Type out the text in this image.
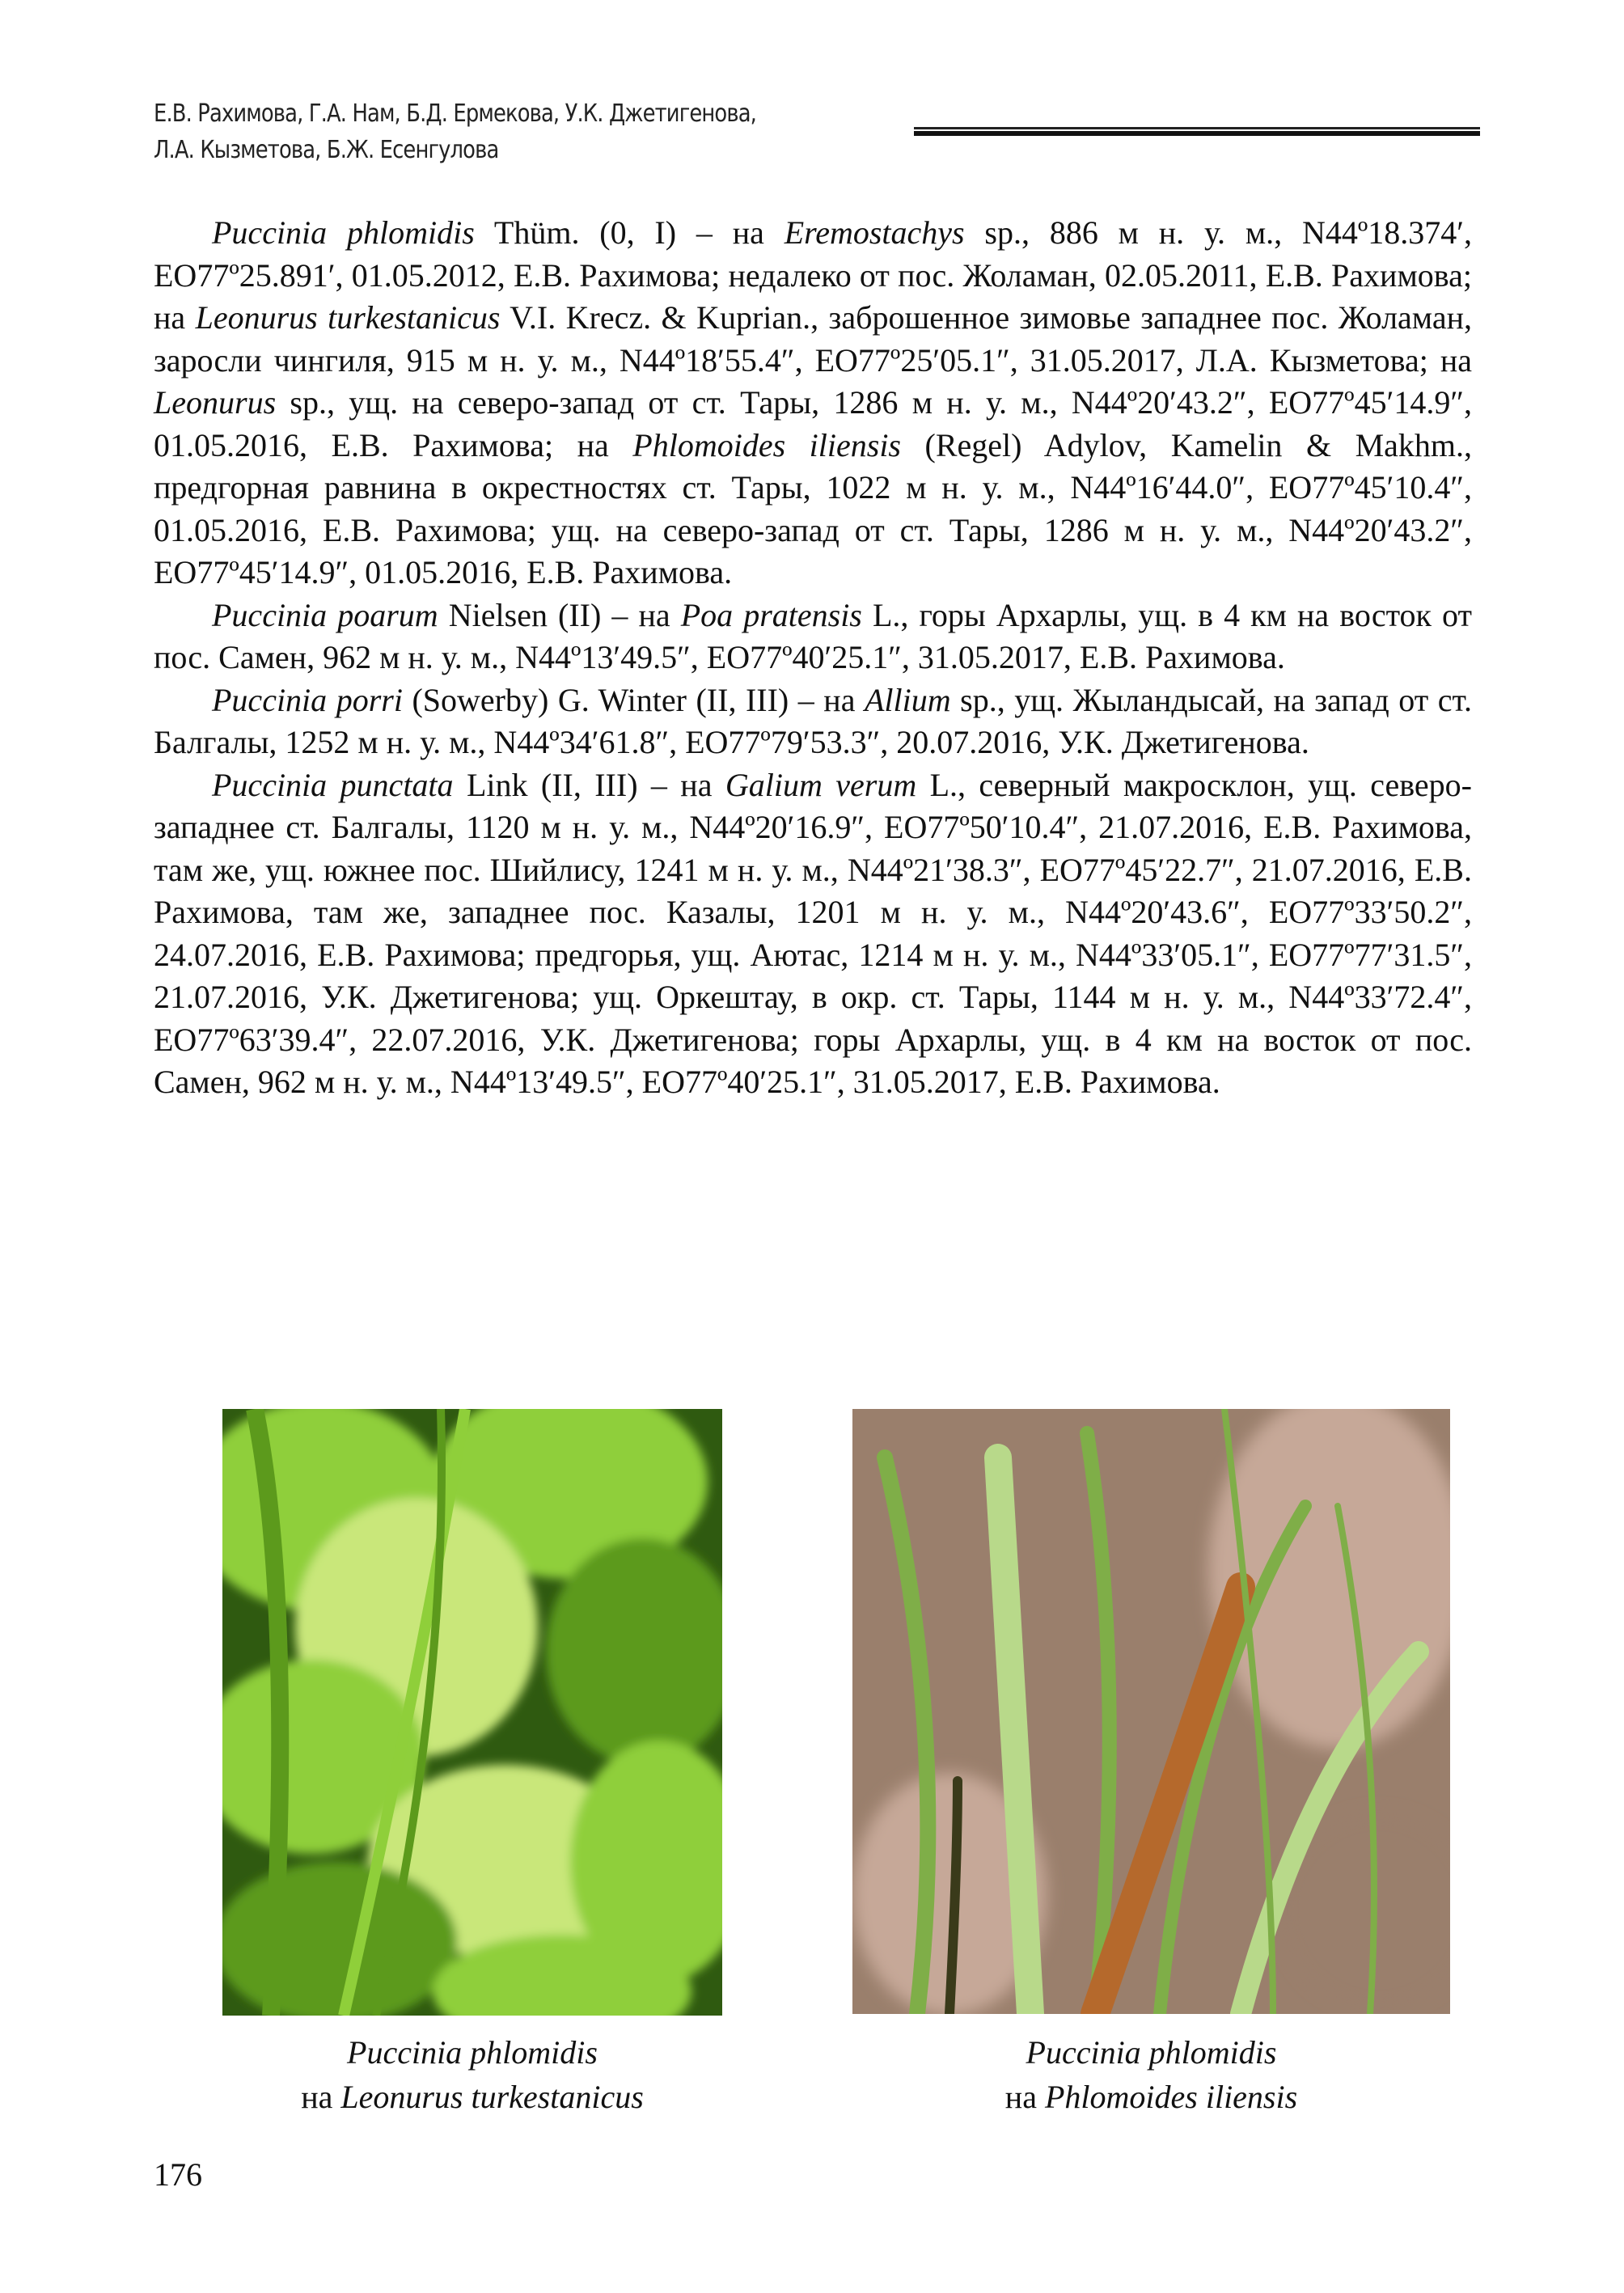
Е.В. Рахимова, Г.А. Нам, Б.Д. Ермекова, У.К. Джетигенова,
Л.А. Кызметова, Б.Ж. Есенгулова

Puccinia phlomidis Thüm. (0, I) – на Eremostachys sp., 886 м н. у. м., N44º18.374′, EO77º25.891′, 01.05.2012, Е.В. Рахимова; недалеко от пос. Жоламан, 02.05.2011, Е.В. Рахимова; на Leonurus turkestanicus V.I. Krecz. & Kuprian., заброшенное зимовье западнее пос. Жоламан, заросли чингиля, 915 м н. у. м., N44º18′55.4″, EO77º25′05.1″, 31.05.2017, Л.А. Кызметова; на Leonurus sp., ущ. на северо-запад от ст. Тары, 1286 м н. у. м., N44º20′43.2″, EO77º45′14.9″, 01.05.2016, Е.В. Рахимова; на Phlomoides iliensis (Regel) Adylov, Kamelin & Makhm., предгорная равнина в окрестностях ст. Тары, 1022 м н. у. м., N44º16′44.0″, EO77º45′10.4″, 01.05.2016, Е.В. Рахимова; ущ. на северо-запад от ст. Тары, 1286 м н. у. м., N44º20′43.2″, EO77º45′14.9″, 01.05.2016, Е.В. Рахимова.

Puccinia poarum Nielsen (II) – на Poa pratensis L., горы Архарлы, ущ. в 4 км на восток от пос. Самен, 962 м н. у. м., N44º13′49.5″, EO77º40′25.1″, 31.05.2017, Е.В. Рахимова.

Puccinia porri (Sowerby) G. Winter (II, III) – на Allium sp., ущ. Жыландысай, на запад от ст. Балгалы, 1252 м н. у. м., N44º34′61.8″, EO77º79′53.3″, 20.07.2016, У.К. Джетигенова.

Puccinia punctata Link (II, III) – на Galium verum L., северный макросклон, ущ. северо-западнее ст. Балгалы, 1120 м н. у. м., N44º20′16.9″, EO77º50′10.4″, 21.07.2016, Е.В. Рахимова, там же, ущ. южнее пос. Шийлису, 1241 м н. у. м., N44º21′38.3″, EO77º45′22.7″, 21.07.2016, Е.В. Рахимова, там же, западнее пос. Казалы, 1201 м н. у. м., N44º20′43.6″, EO77º33′50.2″, 24.07.2016, Е.В. Рахимова; предгорья, ущ. Аютас, 1214 м н. у. м., N44º33′05.1″, EO77º77′31.5″, 21.07.2016, У.К. Джетигенова; ущ. Оркештау, в окр. ст. Тары, 1144 м н. у. м., N44º33′72.4″, EO77º63′39.4″, 22.07.2016, У.К. Джетигенова; горы Архарлы, ущ. в 4 км на восток от пос. Самен, 962 м н. у. м., N44º13′49.5″, EO77º40′25.1″, 31.05.2017, Е.В. Рахимова.

Puccinia phlomidis
на Leonurus turkestanicus
Puccinia phlomidis
на Phlomoides iliensis
176
